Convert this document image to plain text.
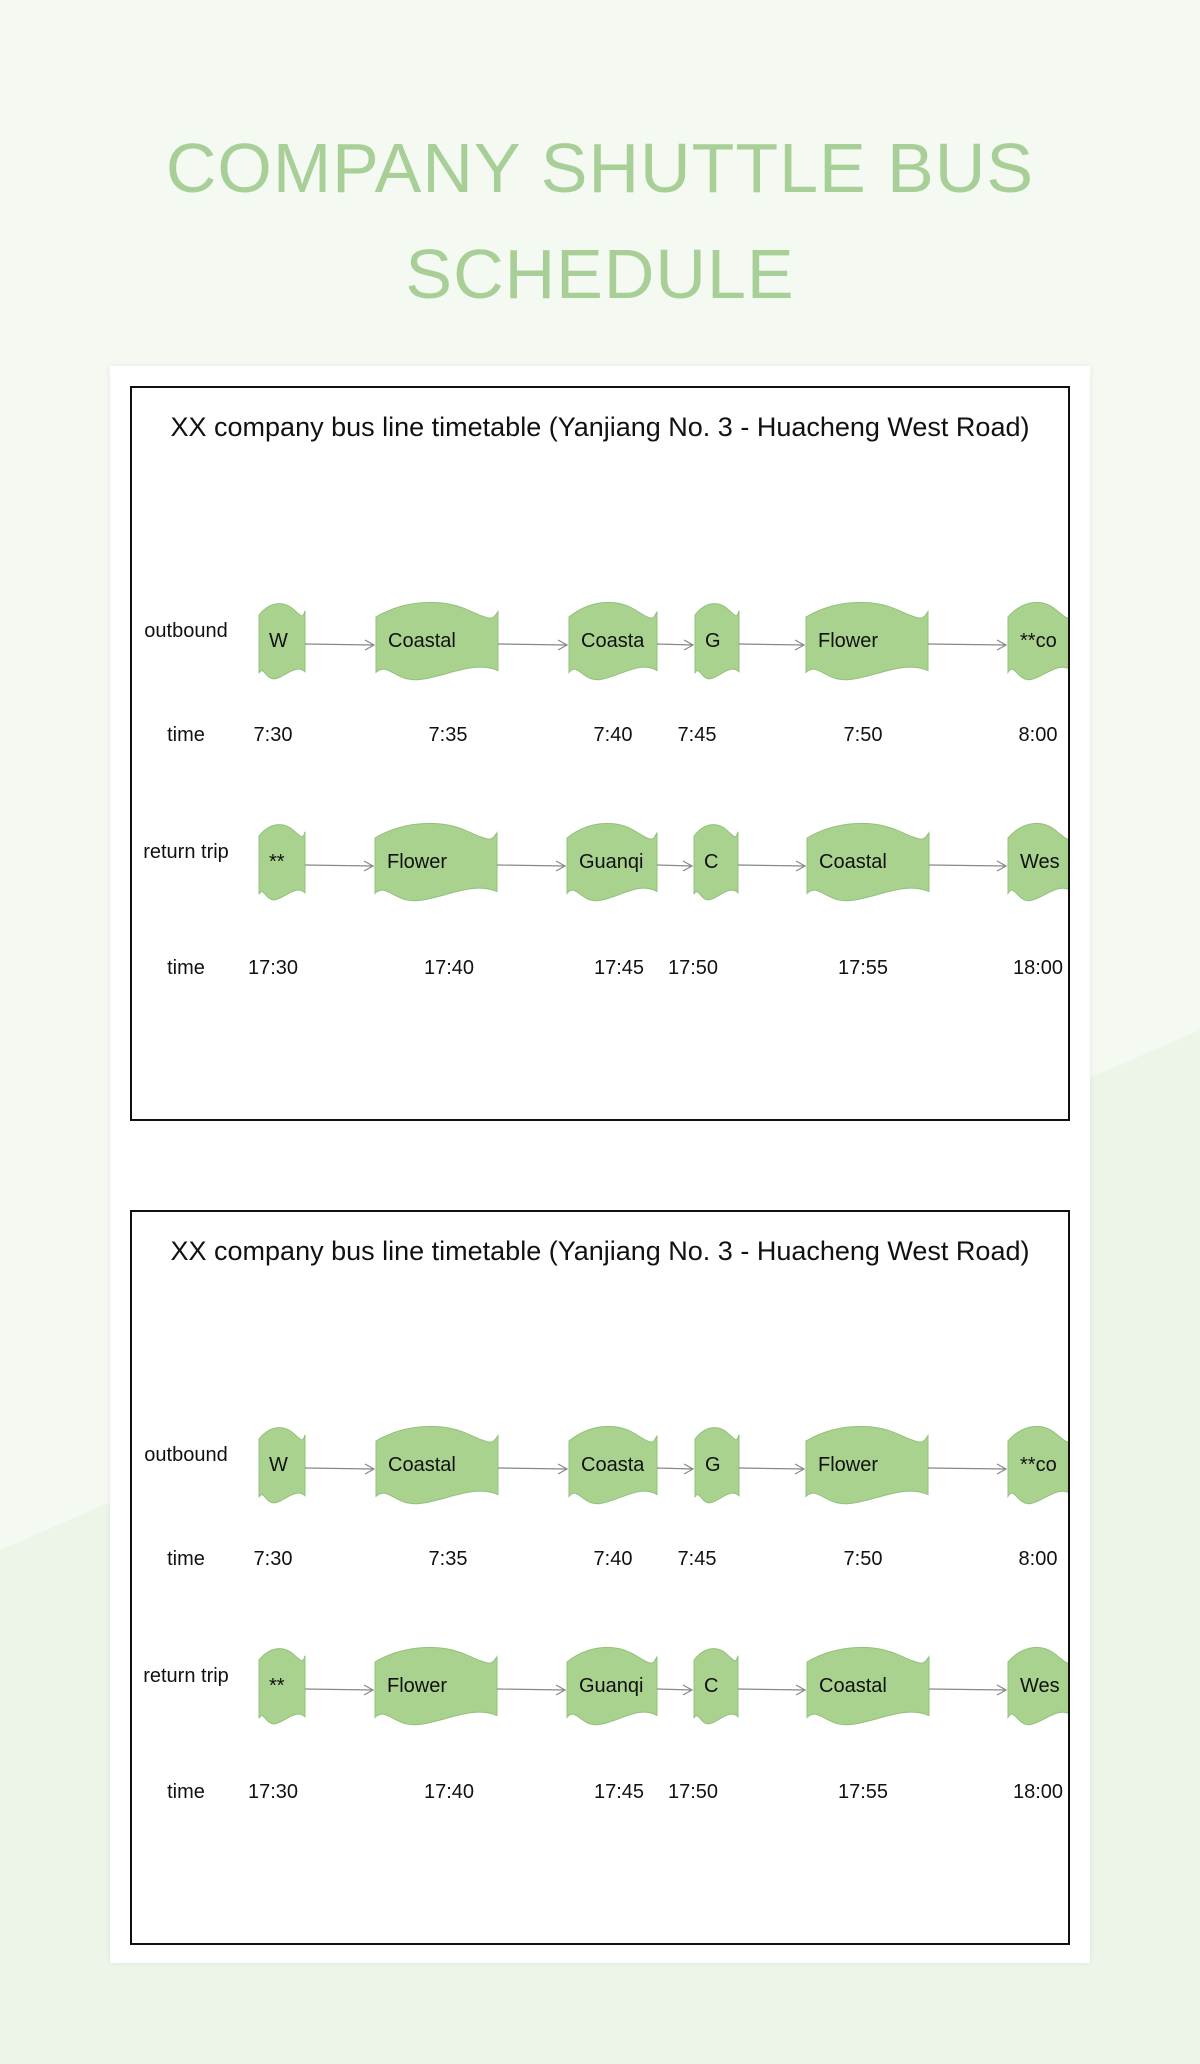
COMPANY SHUTTLE BUS SCHEDULE
XX company bus line timetable (Yanjiang No. 3 - Huacheng West Road)
outbound	W	Coastal	Coasta	G	Flower	**co
time	7:30	7:35	7:40 7:45	7:50	8:00
return trip	**	Flower	Guanqi	C	Coastal	Wes
time	17:30	17:40	17:45 17:50	17:55	18:00
XX company bus line timetable (Yanjiang No. 3 - Huacheng West Road)
outbound	W	Coastal	Coasta	G	Flower	**co
time	7:30	7:35	7:40 7:45	7:50	8:00
return trip	**	Flower	Guanqi	C	Coastal	Wes
time	17:30	17:40	17:45 17:50	17:55	18:00
